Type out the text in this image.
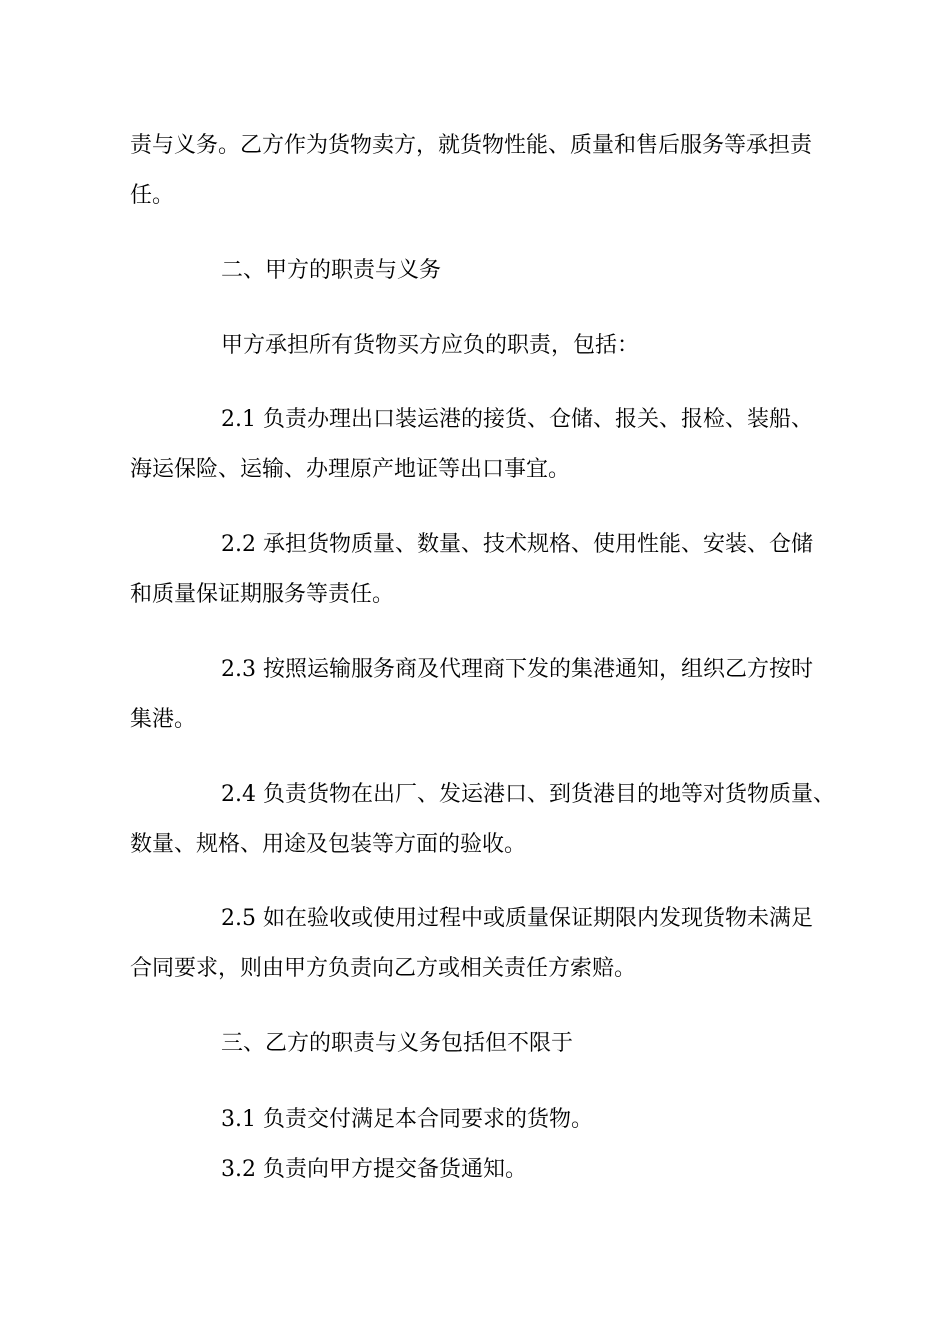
责与义务。乙方作为货物卖方，就货物性能、质量和售后服务等承担责
任。
二、甲方的职责与义务
甲方承担所有货物买方应负的职责，包括：
2.1 负责办理出口装运港的接货、仓储、报关、报检、装船、
海运保险、运输、办理原产地证等出口事宜。
2.2 承担货物质量、数量、技术规格、使用性能、安装、仓储
和质量保证期服务等责任。
2.3 按照运输服务商及代理商下发的集港通知，组织乙方按时
集港。
2.4 负责货物在出厂、发运港口、到货港目的地等对货物质量、
数量、规格、用途及包装等方面的验收。
2.5 如在验收或使用过程中或质量保证期限内发现货物未满足
合同要求，则由甲方负责向乙方或相关责任方索赔。
三、乙方的职责与义务包括但不限于
3.1 负责交付满足本合同要求的货物。
3.2 负责向甲方提交备货通知。
